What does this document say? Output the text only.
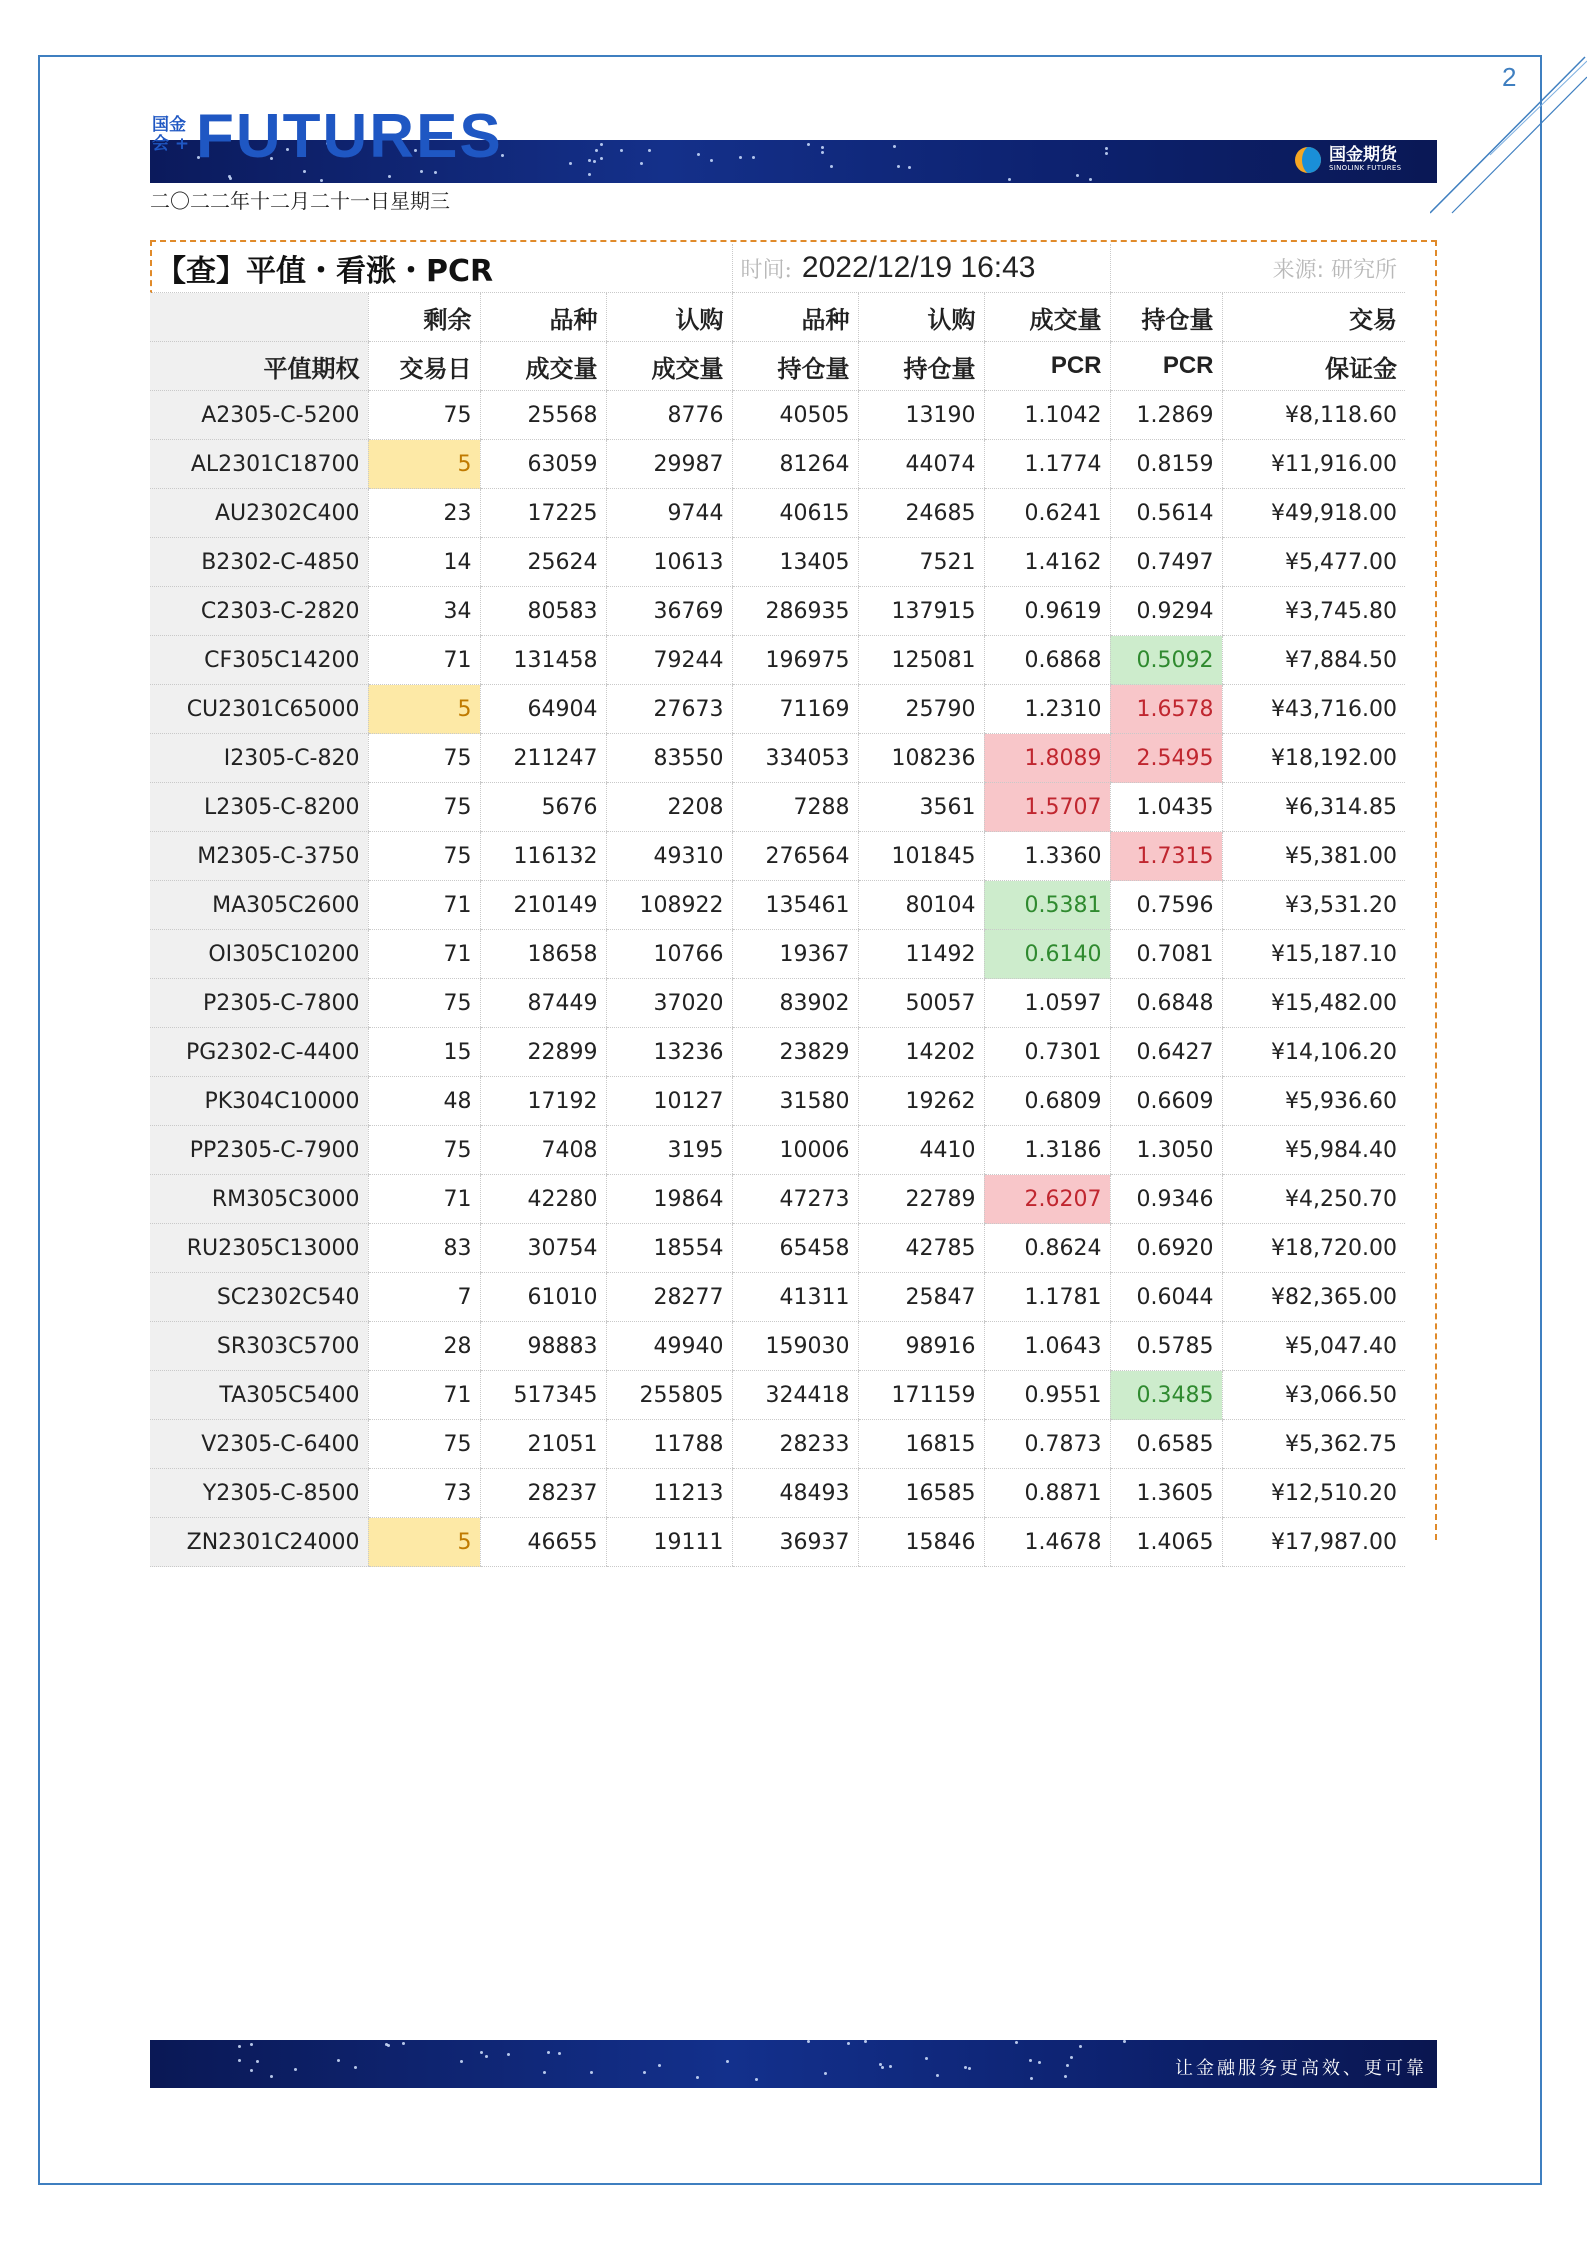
2
国金
会 + FUTURES	国金期货
SINOLINK FUTURES
二〇二二年十二月二十一日星期三
【查】平值・看涨・PCR				时间: 2022/12/19 16:43			来源: 研究所	
	剩余	品种	认购	品种	认购	成交量	持仓量	交易
平值期权	交易日	成交量	成交量	持仓量	持仓量	PCR	PCR	保证金
A2305-C-5200	75	25568	8776	40505	13190	1.1042	1.2869	¥8,118.60
AL2301C18700	5	63059	29987	81264	44074	1.1774	0.8159	¥11,916.00
AU2302C400	23	17225	9744	40615	24685	0.6241	0.5614	¥49,918.00
B2302-C-4850	14	25624	10613	13405	7521	1.4162	0.7497	¥5,477.00
C2303-C-2820	34	80583	36769	286935	137915	0.9619	0.9294	¥3,745.80
CF305C14200	71	131458	79244	196975	125081	0.6868	0.5092	¥7,884.50
CU2301C65000	5	64904	27673	71169	25790	1.2310	1.6578	¥43,716.00
I2305-C-820	75	211247	83550	334053	108236	1.8089	2.5495	¥18,192.00
L2305-C-8200	75	5676	2208	7288	3561	1.5707	1.0435	¥6,314.85
M2305-C-3750	75	116132	49310	276564	101845	1.3360	1.7315	¥5,381.00
MA305C2600	71	210149	108922	135461	80104	0.5381	0.7596	¥3,531.20
OI305C10200	71	18658	10766	19367	11492	0.6140	0.7081	¥15,187.10
P2305-C-7800	75	87449	37020	83902	50057	1.0597	0.6848	¥15,482.00
PG2302-C-4400	15	22899	13236	23829	14202	0.7301	0.6427	¥14,106.20
PK304C10000	48	17192	10127	31580	19262	0.6809	0.6609	¥5,936.60
PP2305-C-7900	75	7408	3195	10006	4410	1.3186	1.3050	¥5,984.40
RM305C3000	71	42280	19864	47273	22789	2.6207	0.9346	¥4,250.70
RU2305C13000	83	30754	18554	65458	42785	0.8624	0.6920	¥18,720.00
SC2302C540	7	61010	28277	41311	25847	1.1781	0.6044	¥82,365.00
SR303C5700	28	98883	49940	159030	98916	1.0643	0.5785	¥5,047.40
TA305C5400	71	517345	255805	324418	171159	0.9551	0.3485	¥3,066.50
V2305-C-6400	75	21051	11788	28233	16815	0.7873	0.6585	¥5,362.75
Y2305-C-8500	73	28237	11213	48493	16585	0.8871	1.3605	¥12,510.20
ZN2301C24000	5	46655	19111	36937	15846	1.4678	1.4065	¥17,987.00
让金融服务更高效、更可靠
